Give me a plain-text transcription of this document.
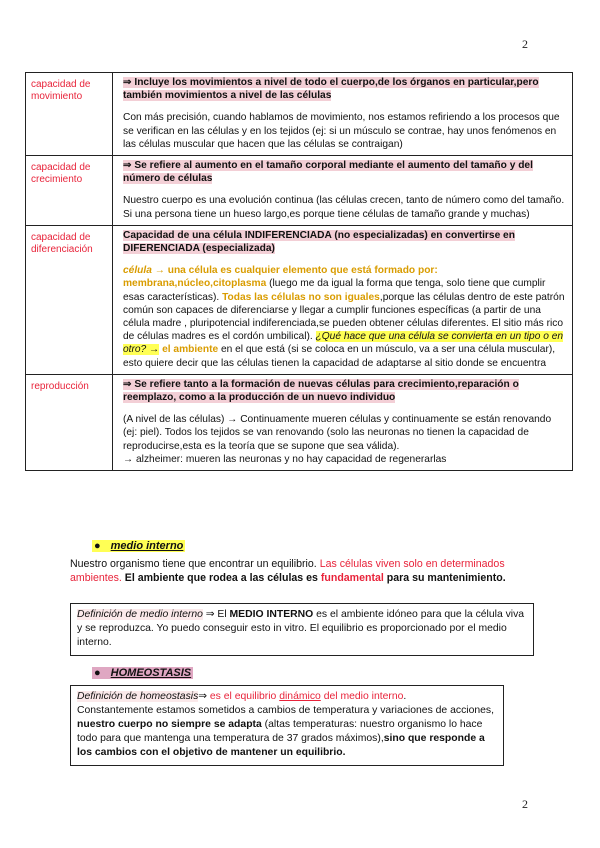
2
capacidad de movimiento	⇒ Incluye los movimientos a nivel de todo el cuerpo,de los órganos en particular,pero también movimientos a nivel de las células
Con más precisión, cuando hablamos de movimiento, nos estamos refiriendo a los procesos que se verifican en las células y en los tejidos (ej: si un músculo se contrae, hay unos fenómenos en las células muscular que hacen que las células se contraigan)

capacidad de crecimiento	⇒ Se refiere al aumento en el tamaño corporal mediante el aumento del tamaño y del número de células
Nuestro cuerpo es una evolución continua (las células crecen, tanto de número como del tamaño. Si una persona tiene un hueso largo,es porque tiene células de tamaño grande y muchas)

capacidad de diferenciación	Capacidad de una célula INDIFERENCIADA (no especializadas) en convertirse en DIFERENCIADA (especializada)
célula → una célula es cualquier elemento que está formado por: membrana,núcleo,citoplasma (luego me da igual la forma que tenga, solo tiene que cumplir esas características). Todas las células no son iguales,porque las células dentro de este patrón común son capaces de diferenciarse y llegar a cumplir funciones específicas (a partir de una célula madre , pluripotencial indiferenciada,se pueden obtener células diferentes. El sitio más rico de células madres es el cordón umbilical). ¿Qué hace que una célula se convierta en un tipo o en otro? → el ambiente en el que está (si se coloca en un músculo, va a ser una célula muscular), esto quiere decir que las células tienen la capacidad de adaptarse al sitio donde se encuentra

reproducción	⇒ Se refiere tanto a la formación de nuevas células para crecimiento,reparación o reemplazo, como a la producción de un nuevo individuo
(A nivel de las células) → Continuamente mueren células y continuamente se están renovando (ej: piel). Todos los tejidos se van renovando (solo las neuronas no tienen la capacidad de reproducirse,esta es la teoría que se supone que sea válida).
→ alzheimer: mueren las neuronas y no hay capacidad de regenerarlas
● medio interno
Nuestro organismo tiene que encontrar un equilibrio. Las células viven solo en determinados ambientes. El ambiente que rodea a las células es fundamental para su mantenimiento.
Definición de medio interno ⇒ El MEDIO INTERNO es el ambiente idóneo para que la célula viva y se reproduzca. Yo puedo conseguir esto in vitro. El equilibrio es proporcionado por el medio interno.
● HOMEOSTASIS
Definición de homeostasis⇒ es el equilibrio dinámico del medio interno.
Constantemente estamos sometidos a cambios de temperatura y variaciones de acciones, nuestro cuerpo no siempre se adapta (altas temperaturas: nuestro organismo lo hace todo para que mantenga una temperatura de 37 grados máximos),sino que responde a los cambios con el objetivo de mantener un equilibrio.
2
